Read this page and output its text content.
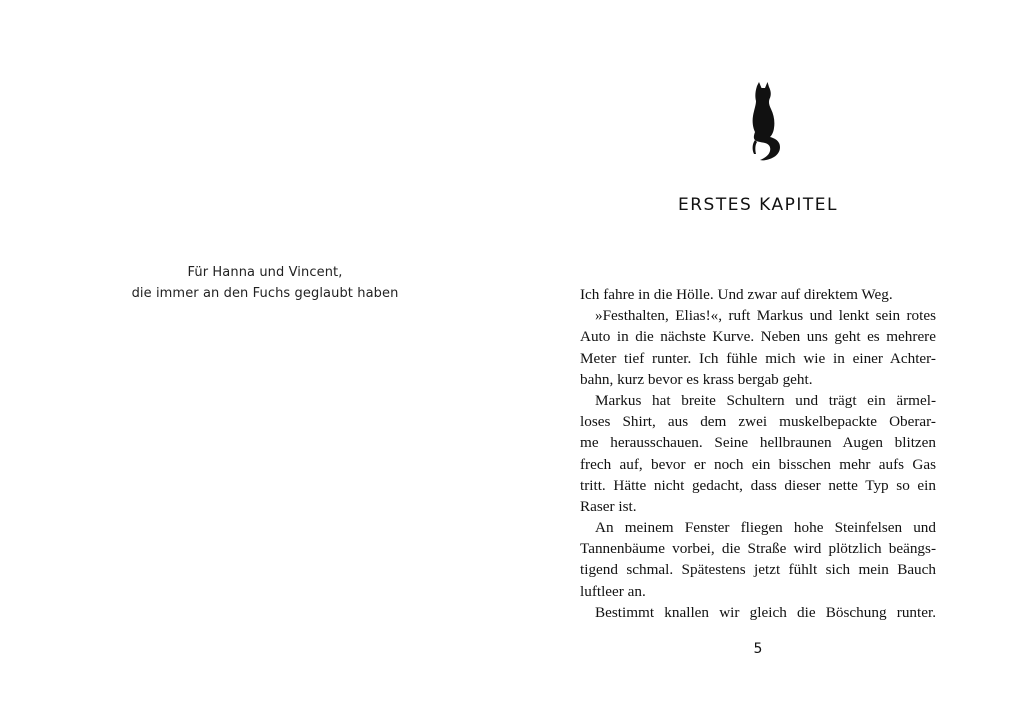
Für Hanna und Vincent,
die immer an den Fuchs geglaubt haben
ERSTES KAPITEL
Ich fahre in die Hölle. Und zwar auf direktem Weg.
»Festhalten, Elias!«, ruft Markus und lenkt sein rotes
Auto in die nächste Kurve. Neben uns geht es mehrere
Meter tief runter. Ich fühle mich wie in einer Achter-
bahn, kurz bevor es krass bergab geht.
Markus hat breite Schultern und trägt ein ärmel-
loses Shirt, aus dem zwei muskelbepackte Oberar-
me herausschauen. Seine hellbraunen Augen blitzen
frech auf, bevor er noch ein bisschen mehr aufs Gas
tritt. Hätte nicht gedacht, dass dieser nette Typ so ein
Raser ist.
An meinem Fenster fliegen hohe Steinfelsen und
Tannenbäume vorbei, die Straße wird plötzlich beängs-
tigend schmal. Spätestens jetzt fühlt sich mein Bauch
luftleer an.
Bestimmt knallen wir gleich die Böschung runter.
5
